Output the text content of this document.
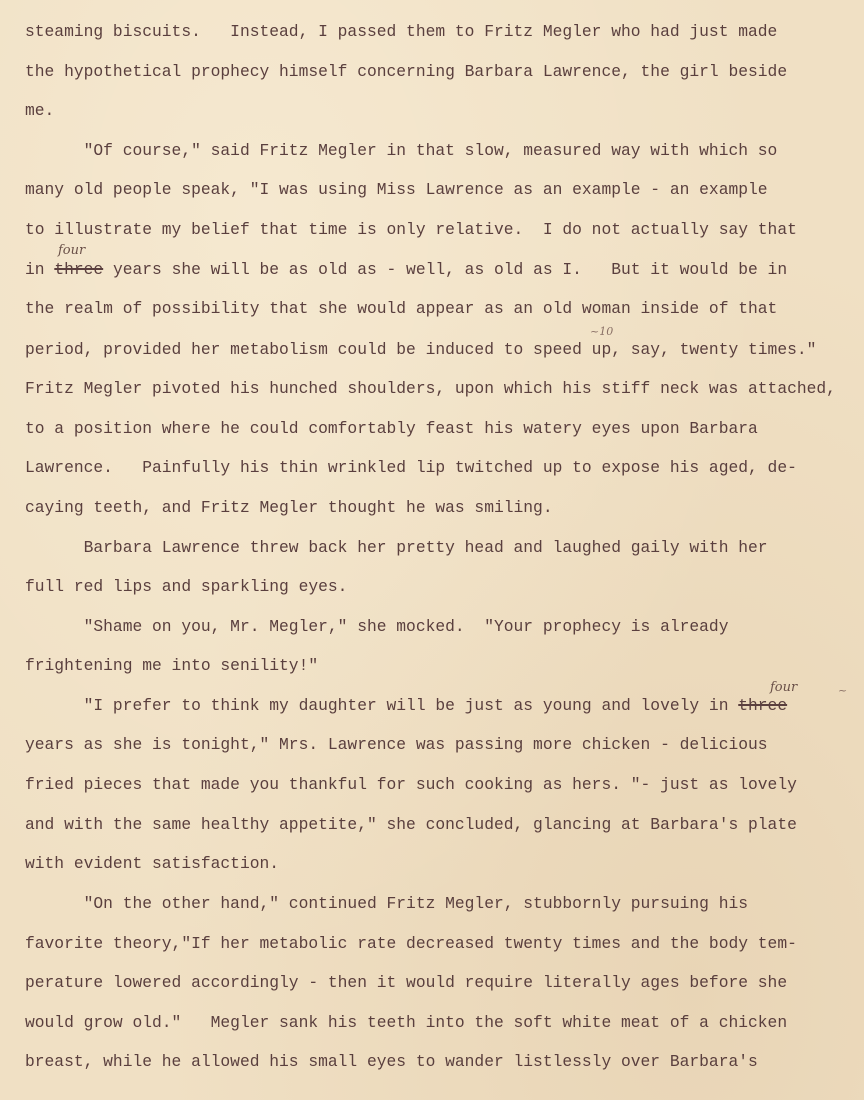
steaming biscuits.   Instead, I passed them to Fritz Megler who had just made
the hypothetical prophecy himself concerning Barbara Lawrence, the girl beside
me.
"Of course," said Fritz Megler in that slow, measured way with which so
many old people speak, "I was using Miss Lawrence as an example - an example
to illustrate my belief that time is only relative.  I do not actually say that
in three years she will be as old as - well, as old as I.   But it would be in
the realm of possibility that she would appear as an old woman inside of that
period, provided her metabolism could be induced to speed up, say, twenty times."
Fritz Megler pivoted his hunched shoulders, upon which his stiff neck was attached,
to a position where he could comfortably feast his watery eyes upon Barbara
Lawrence.   Painfully his thin wrinkled lip twitched up to expose his aged, de-
caying teeth, and Fritz Megler thought he was smiling.
Barbara Lawrence threw back her pretty head and laughed gaily with her
full red lips and sparkling eyes.
"Shame on you, Mr. Megler," she mocked.  "Your prophecy is already
frightening me into senility!"
"I prefer to think my daughter will be just as young and lovely in three
years as she is tonight," Mrs. Lawrence was passing more chicken - delicious
fried pieces that made you thankful for such cooking as hers. "- just as lovely
and with the same healthy appetite," she concluded, glancing at Barbara's plate
with evident satisfaction.
"On the other hand," continued Fritz Megler, stubbornly pursuing his
favorite theory,"If her metabolic rate decreased twenty times and the body tem-
perature lowered accordingly - then it would require literally ages before she
would grow old."   Megler sank his teeth into the soft white meat of a chicken
breast, while he allowed his small eyes to wander listlessly over Barbara's
four
four
~10
~
